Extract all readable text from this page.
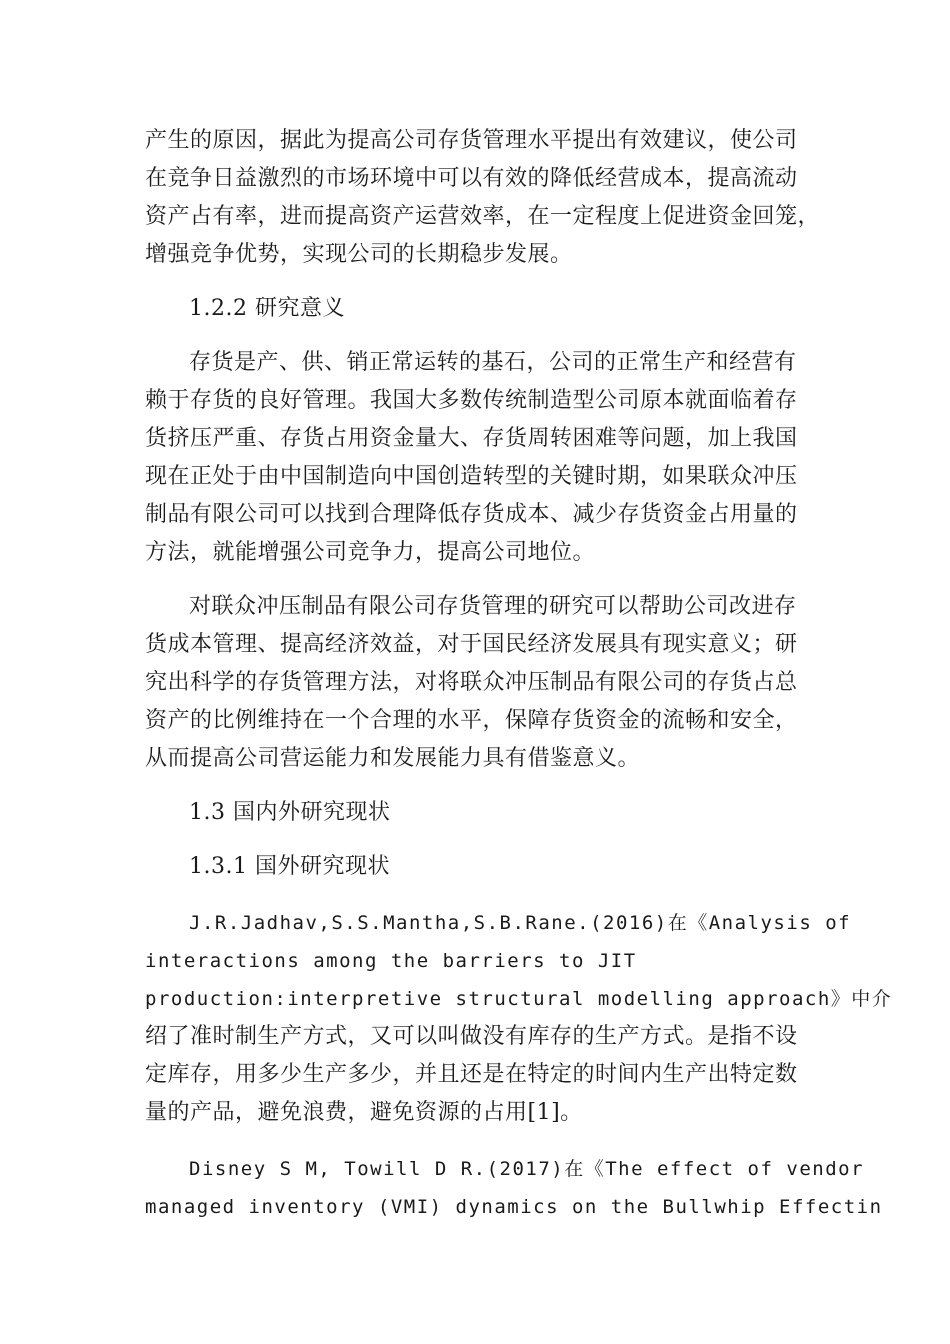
产生的原因，据此为提高公司存货管理水平提出有效建议，使公司
在竞争日益激烈的市场环境中可以有效的降低经营成本，提高流动
资产占有率，进而提高资产运营效率，在一定程度上促进资金回笼，
增强竞争优势，实现公司的长期稳步发展。
1.2.2 研究意义
存货是产、供、销正常运转的基石，公司的正常生产和经营有
赖于存货的良好管理。我国大多数传统制造型公司原本就面临着存
货挤压严重、存货占用资金量大、存货周转困难等问题，加上我国
现在正处于由中国制造向中国创造转型的关键时期，如果联众冲压
制品有限公司可以找到合理降低存货成本、减少存货资金占用量的
方法，就能增强公司竞争力，提高公司地位。
对联众冲压制品有限公司存货管理的研究可以帮助公司改进存
货成本管理、提高经济效益，对于国民经济发展具有现实意义；研
究出科学的存货管理方法，对将联众冲压制品有限公司的存货占总
资产的比例维持在一个合理的水平，保障存货资金的流畅和安全，
从而提高公司营运能力和发展能力具有借鉴意义。
1.3 国内外研究现状
1.3.1 国外研究现状
J.R.Jadhav,S.S.Mantha,S.B.Rane.(2016)在《Analysis of
interactions among the barriers to JIT
production:interpretive structural modelling approach》中介
绍了准时制生产方式，又可以叫做没有库存的生产方式。是指不设
定库存，用多少生产多少，并且还是在特定的时间内生产出特定数
量的产品，避免浪费，避免资源的占用[1]。
Disney S M, Towill D R.(2017)在《The effect of vendor
managed inventory (VMI) dynamics on the Bullwhip Effectin
